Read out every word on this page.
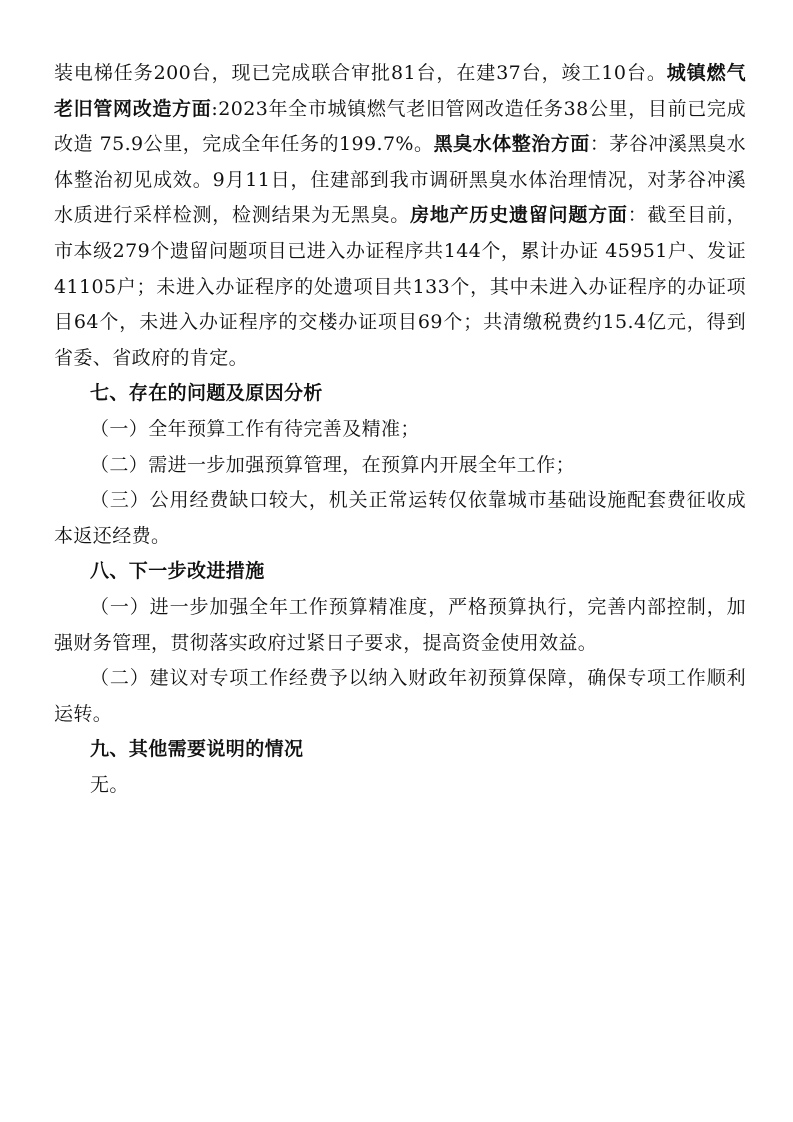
装电梯任务200台，现已完成联合审批81台，在建37台，竣工10台。城镇燃气老旧管网改造方面:2023年全市城镇燃气老旧管网改造任务38公里，目前已完成改造 75.9公里，完成全年任务的199.7%。黑臭水体整治方面：茅谷冲溪黑臭水体整治初见成效。9月11日，住建部到我市调研黑臭水体治理情况，对茅谷冲溪水质进行采样检测，检测结果为无黑臭。房地产历史遗留问题方面：截至目前，市本级279个遗留问题项目已进入办证程序共144个，累计办证 45951户、发证41105户；未进入办证程序的处遗项目共133个，其中未进入办证程序的办证项目64个，未进入办证程序的交楼办证项目69个；共清缴税费约15.4亿元，得到省委、省政府的肯定。

七、存在的问题及原因分析

（一）全年预算工作有待完善及精准；

（二）需进一步加强预算管理，在预算内开展全年工作；

（三）公用经费缺口较大，机关正常运转仅依靠城市基础设施配套费征收成本返还经费。

八、下一步改进措施

（一）进一步加强全年工作预算精准度，严格预算执行，完善内部控制，加强财务管理，贯彻落实政府过紧日子要求，提高资金使用效益。

（二）建议对专项工作经费予以纳入财政年初预算保障，确保专项工作顺利运转。

九、其他需要说明的情况

无。
